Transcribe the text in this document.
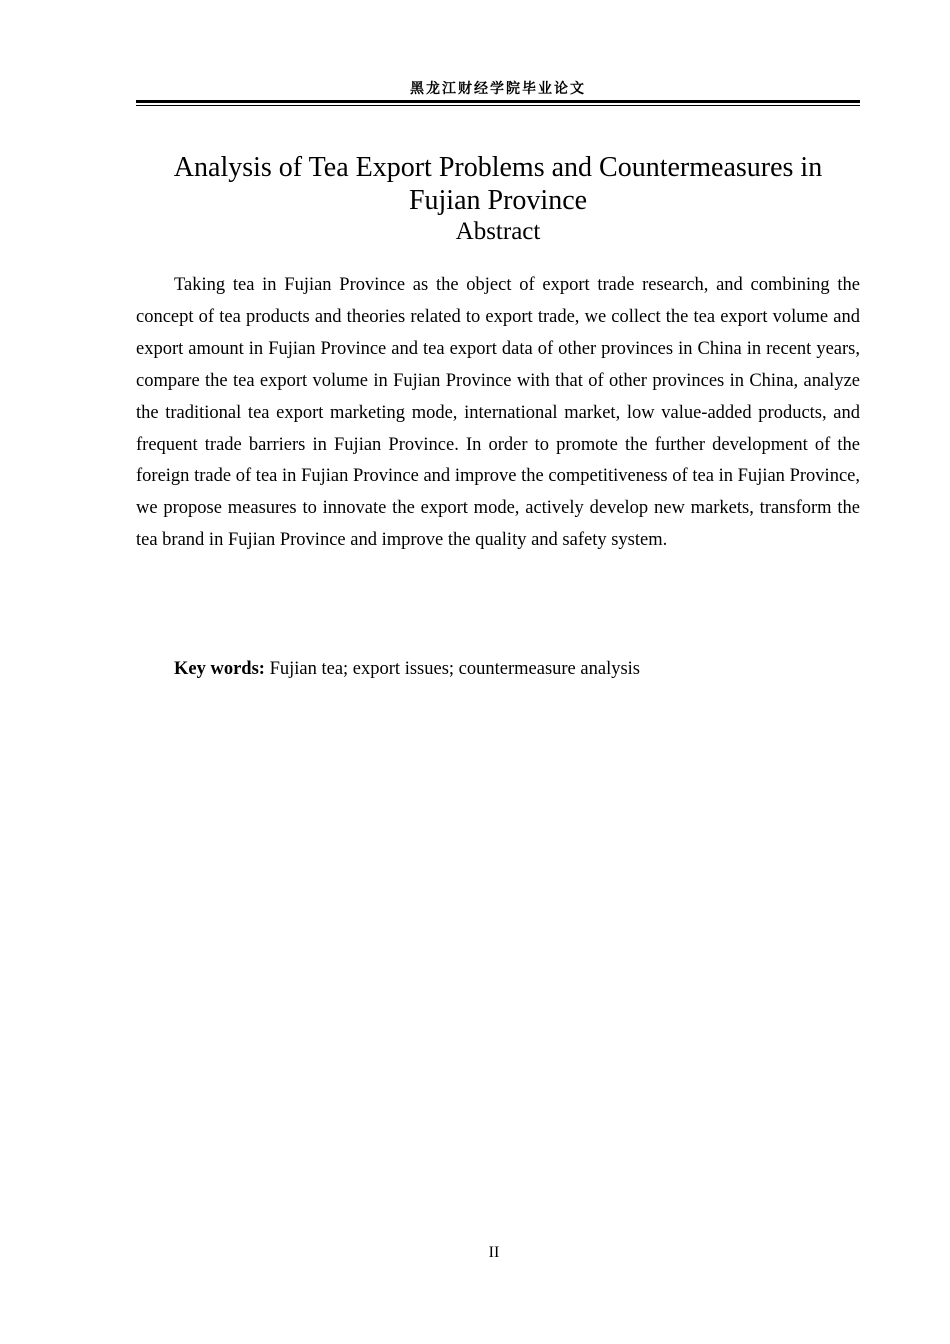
黑龙江财经学院毕业论文
Analysis of Tea Export Problems and Countermeasures in Fujian Province
Abstract

Taking tea in Fujian Province as the object of export trade research, and combining the concept of tea products and theories related to export trade, we collect the tea export volume and export amount in Fujian Province and tea export data of other provinces in China in recent years, compare the tea export volume in Fujian Province with that of other provinces in China, analyze the traditional tea export marketing mode, international market, low value-added products, and frequent trade barriers in Fujian Province. In order to promote the further development of the foreign trade of tea in Fujian Province and improve the competitiveness of tea in Fujian Province, we propose measures to innovate the export mode, actively develop new markets, transform the tea brand in Fujian Province and improve the quality and safety system.

Key words: Fujian tea; export issues; countermeasure analysis
II
